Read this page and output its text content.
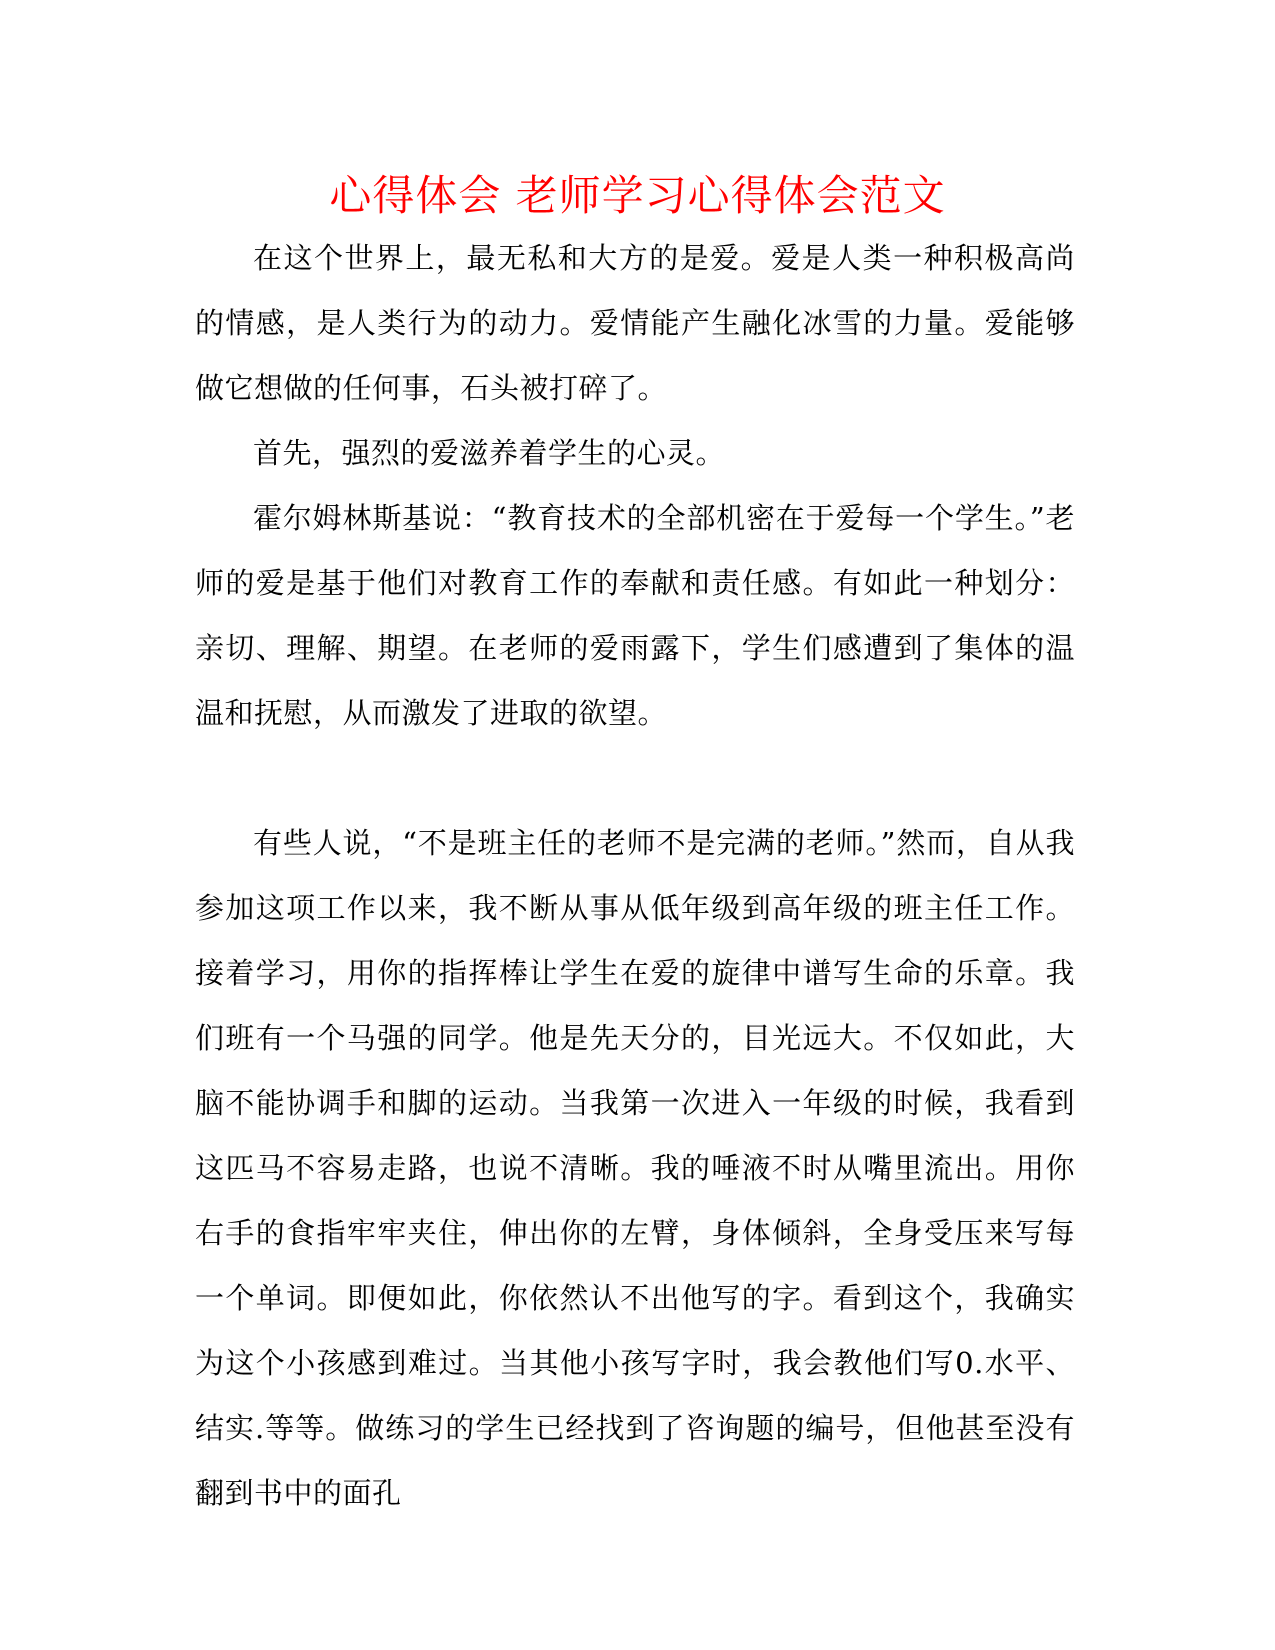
心得体会 老师学习心得体会范文

在这个世界上，最无私和大方的是爱。爱是人类一种积极高尚的情感，是人类行为的动力。爱情能产生融化冰雪的力量。爱能够做它想做的任何事，石头被打碎了。

首先，强烈的爱滋养着学生的心灵。

霍尔姆林斯基说：“教育技术的全部机密在于爱每一个学生。”老师的爱是基于他们对教育工作的奉献和责任感。有如此一种划分：亲切、理解、期望。在老师的爱雨露下，学生们感遭到了集体的温温和抚慰，从而激发了进取的欲望。

有些人说，“不是班主任的老师不是完满的老师。”然而，自从我参加这项工作以来，我不断从事从低年级到高年级的班主任工作。接着学习，用你的指挥棒让学生在爱的旋律中谱写生命的乐章。我们班有一个马强的同学。他是先天分的，目光远大。不仅如此，大脑不能协调手和脚的运动。当我第一次进入一年级的时候，我看到这匹马不容易走路，也说不清晰。我的唾液不时从嘴里流出。用你右手的食指牢牢夹住，伸出你的左臂，身体倾斜，全身受压来写每一个单词。即便如此，你依然认不出他写的字。看到这个，我确实为这个小孩感到难过。当其他小孩写字时，我会教他们写0.水平、结实.等等。做练习的学生已经找到了咨询题的编号，但他甚至没有翻到书中的面孔
